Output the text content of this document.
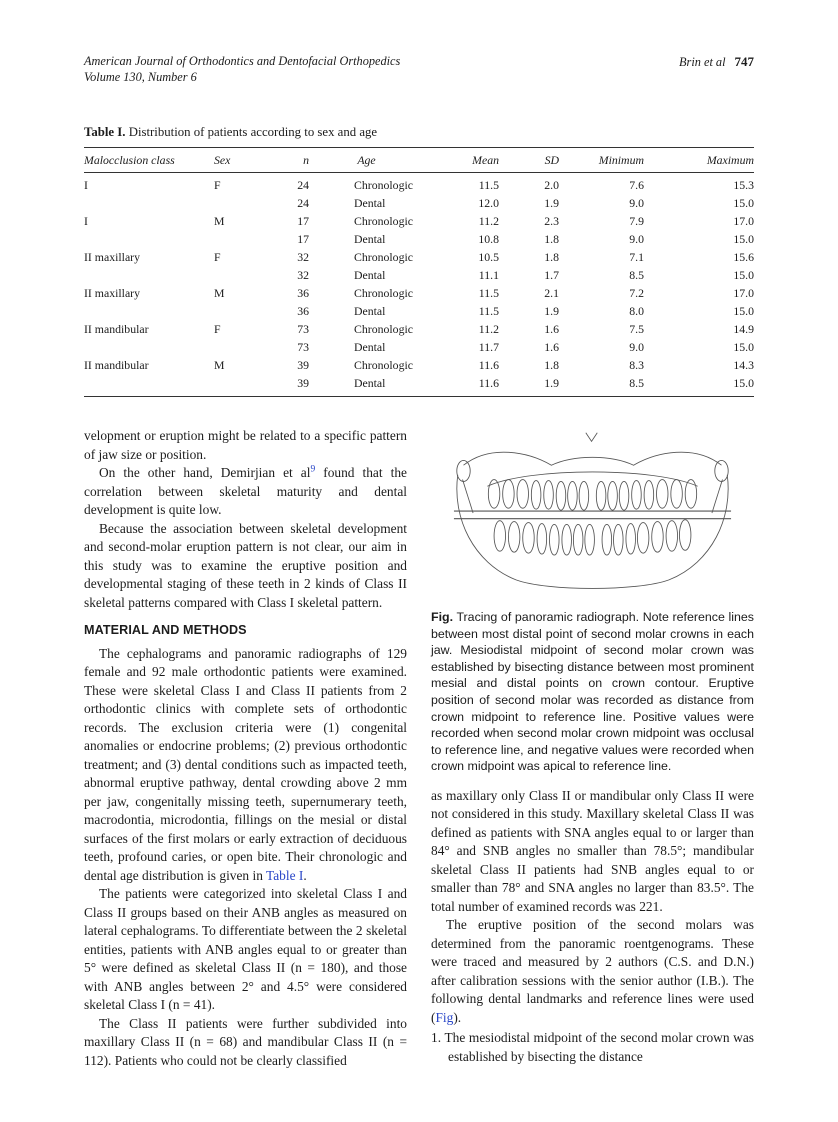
American Journal of Orthodontics and Dentofacial Orthopedics
Volume 130, Number 6
Brin et al 747
Table I. Distribution of patients according to sex and age
Malocclusion class	Sex	n	Age	Mean	SD	Minimum	Maximum
I	F	24	Chronologic	11.5	2.0	7.6	15.3
		24	Dental	12.0	1.9	9.0	15.0
I	M	17	Chronologic	11.2	2.3	7.9	17.0
		17	Dental	10.8	1.8	9.0	15.0
II maxillary	F	32	Chronologic	10.5	1.8	7.1	15.6
		32	Dental	11.1	1.7	8.5	15.0
II maxillary	M	36	Chronologic	11.5	2.1	7.2	17.0
		36	Dental	11.5	1.9	8.0	15.0
II mandibular	F	73	Chronologic	11.2	1.6	7.5	14.9
		73	Dental	11.7	1.6	9.0	15.0
II mandibular	M	39	Chronologic	11.6	1.8	8.3	14.3
		39	Dental	11.6	1.9	8.5	15.0

velopment or eruption might be related to a specific pattern of jaw size or position.

On the other hand, Demirjian et al$^9$ found that the correlation between skeletal maturity and dental development is quite low.

Because the association between skeletal development and second-molar eruption pattern is not clear, our aim in this study was to examine the eruptive position and developmental staging of these teeth in 2 kinds of Class II skeletal patterns compared with Class I skeletal pattern.

MATERIAL AND METHODS

The cephalograms and panoramic radiographs of 129 female and 92 male orthodontic patients were examined. These were skeletal Class I and Class II patients from 2 orthodontic clinics with complete sets of orthodontic records. The exclusion criteria were (1) congenital anomalies or endocrine problems; (2) previous orthodontic treatment; and (3) dental conditions such as impacted teeth, abnormal eruptive pathway, dental crowding above 2 mm per jaw, congenitally missing teeth, supernumerary teeth, macrodontia, microdontia, fillings on the mesial or distal surfaces of the first molars or early extraction of deciduous teeth, profound caries, or open bite. Their chronologic and dental age distribution is given in Table I.

The patients were categorized into skeletal Class I and Class II groups based on their ANB angles as measured on lateral cephalograms. To differentiate between the 2 skeletal entities, patients with ANB angles equal to or greater than 5° were defined as skeletal Class II (n = 180), and those with ANB angles between 2° and 4.5° were considered skeletal Class I (n = 41).

The Class II patients were further subdivided into maxillary Class II (n = 68) and mandibular Class II (n = 112). Patients who could not be clearly classified

Fig. Tracing of panoramic radiograph. Note reference lines between most distal point of second molar crowns in each jaw. Mesiodistal midpoint of second molar crown was established by bisecting distance between most prominent mesial and distal points on crown contour. Eruptive position of second molar was recorded as distance from crown midpoint to reference line. Positive values were recorded when second molar crown midpoint was occlusal to reference line, and negative values were recorded when crown midpoint was apical to reference line.

as maxillary only Class II or mandibular only Class II were not considered in this study. Maxillary skeletal Class II was defined as patients with SNA angles equal to or larger than 84° and SNB angles no smaller than 78.5°; mandibular skeletal Class II patients had SNB angles equal to or smaller than 78° and SNA angles no larger than 83.5°. The total number of examined records was 221.

The eruptive position of the second molars was determined from the panoramic roentgenograms. These were traced and measured by 2 authors (C.S. and D.N.) after calibration sessions with the senior author (I.B.). The following dental landmarks and reference lines were used (Fig).

1. The mesiodistal midpoint of the second molar crown was established by bisecting the distance
